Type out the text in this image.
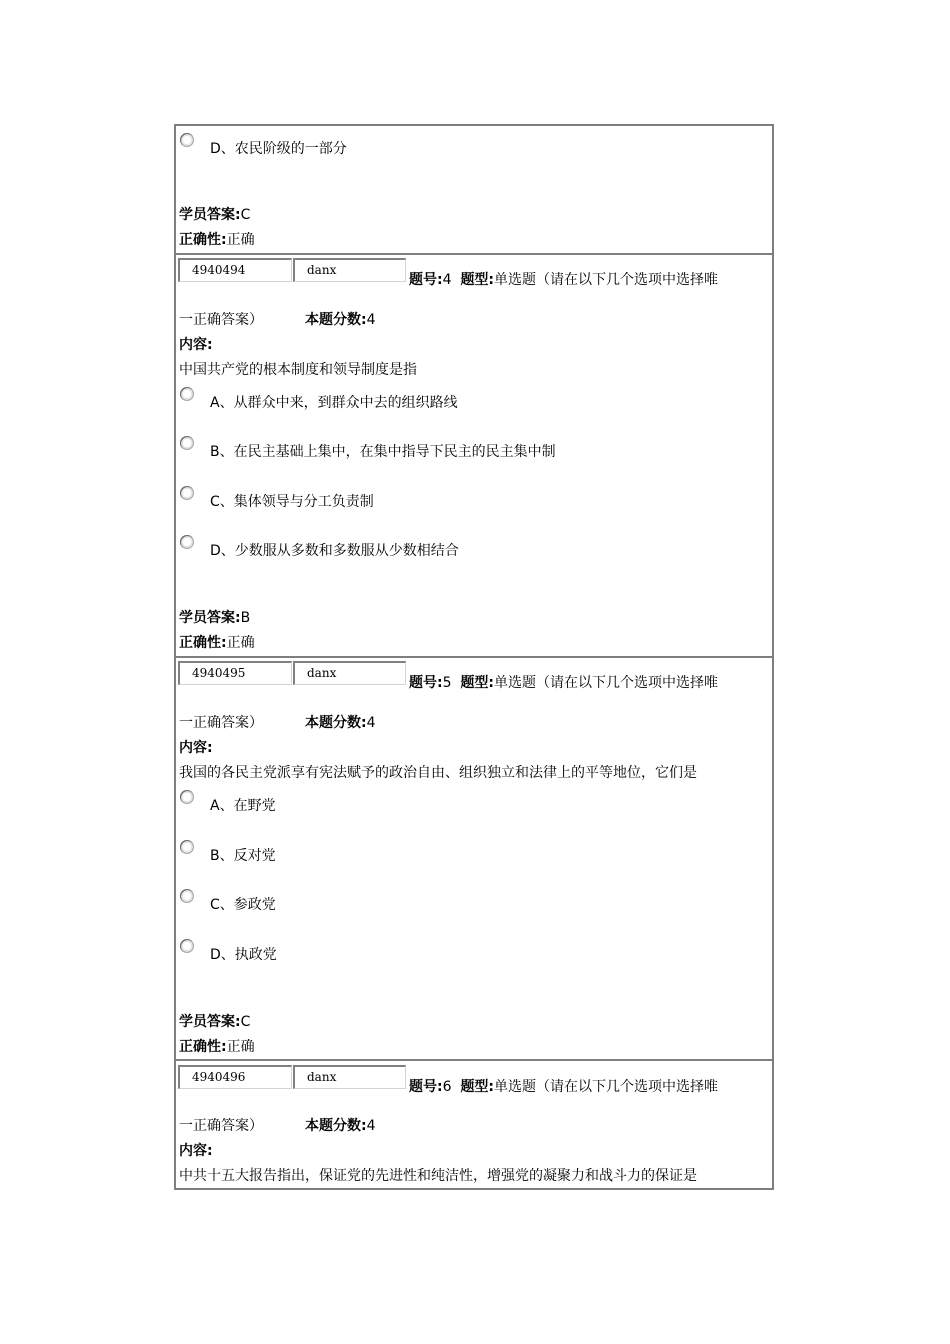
D、农民阶级的一部分
学员答案:C
正确性:正确
4940494	danx
题号:4 题型:单选题（请在以下几个选项中选择唯
一正确答案）	本题分数:4
内容:
中国共产党的根本制度和领导制度是指
A、从群众中来，到群众中去的组织路线
B、在民主基础上集中，在集中指导下民主的民主集中制
C、集体领导与分工负责制
D、少数服从多数和多数服从少数相结合
学员答案:B
正确性:正确
4940495	danx
题号:5 题型:单选题（请在以下几个选项中选择唯
一正确答案）	本题分数:4
内容:
我国的各民主党派享有宪法赋予的政治自由、组织独立和法律上的平等地位，它们是
A、在野党
B、反对党
C、参政党
D、执政党
学员答案:C
正确性:正确
4940496	danx
题号:6 题型:单选题（请在以下几个选项中选择唯
一正确答案）	本题分数:4
内容:
中共十五大报告指出，保证党的先进性和纯洁性，增强党的凝聚力和战斗力的保证是
